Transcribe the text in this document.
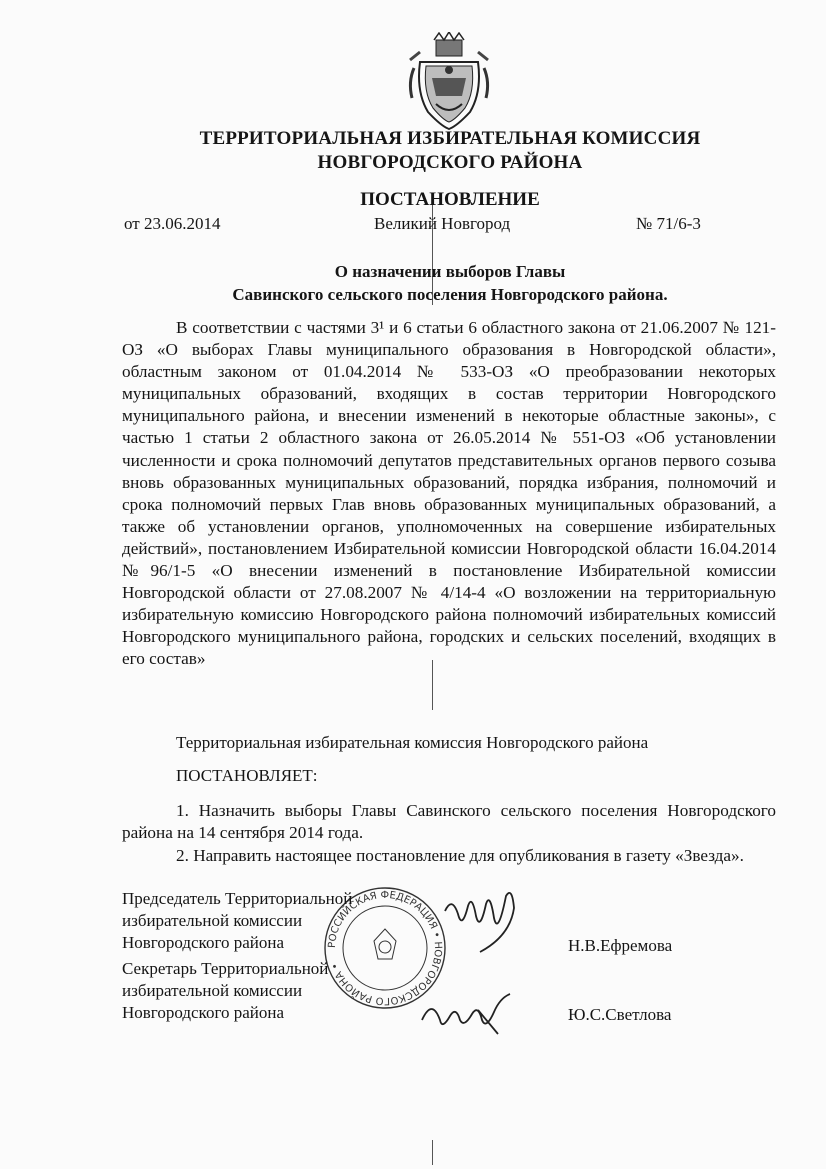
ТЕРРИТОРИАЛЬНАЯ ИЗБИРАТЕЛЬНАЯ КОМИССИЯ
НОВГОРОДСКОГО РАЙОНА
ПОСТАНОВЛЕНИЕ
от 23.06.2014	Великий Новгород	№ 71/6-3
О назначении выборов Главы
Савинского сельского поселения Новгородского района.

В соответствии с частями 3¹ и 6 статьи 6 областного закона от 21.06.2007 № 121-ОЗ «О выборах Главы муниципального образования в Новгородской области», областным законом от 01.04.2014 № 533-ОЗ «О преобразовании некоторых муниципальных образований, входящих в состав территории Новгородского муниципального района, и внесении изменений в некоторые областные законы», с частью 1 статьи 2 областного закона от 26.05.2014 № 551-ОЗ «Об установлении численности и срока полномочий депутатов представительных органов первого созыва вновь образованных муниципальных образований, порядка избрания, полномочий и срока полномочий первых Глав вновь образованных муниципальных образований, а также об установлении органов, уполномоченных на совершение избирательных действий», постановлением Избирательной комиссии Новгородской области 16.04.2014 №96/1-5 «О внесении изменений в постановление Избирательной комиссии Новгородской области от 27.08.2007 № 4/14-4 «О возложении на территориальную избирательную комиссию Новгородского района полномочий избирательных комиссий Новгородского муниципального района, городских и сельских поселений, входящих в его состав»

Территориальная избирательная комиссия Новгородского района
ПОСТАНОВЛЯЕТ:

1. Назначить выборы Главы Савинского сельского поселения Новгородского района на 14 сентября 2014 года.

2. Направить настоящее постановление для опубликования в газету «Звезда».

РОССИЙСКАЯ ФЕДЕРАЦИЯ • НОВГОРОДСКОГО РАЙОНА •
Председатель Территориальной
избирательной комиссии
Новгородского района	Н.В.Ефремова
Секретарь Территориальной
избирательной комиссии
Новгородского района	Ю.С.Светлова
